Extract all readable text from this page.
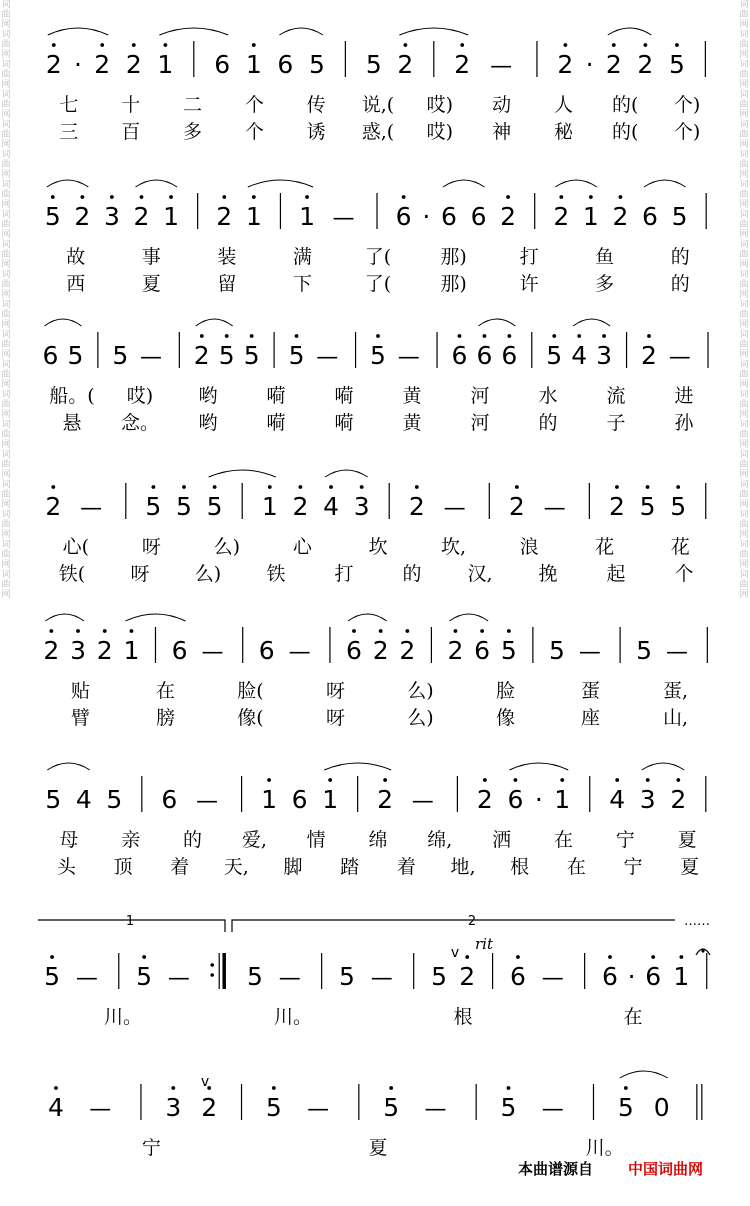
词曲网词曲网词曲网词曲网词曲网词曲网词曲网词曲网词曲网词曲网词曲网词曲网词曲网词曲网词曲网词曲网词曲网词曲网词曲网词曲网
词曲网词曲网词曲网词曲网词曲网词曲网词曲网词曲网词曲网词曲网词曲网词曲网词曲网词曲网词曲网词曲网词曲网词曲网词曲网词曲网
2 · 2 2 1 6 1 6 5 5 2 2 — 2 · 2 2 5
七 十 二 个 传 说,( 哎) 动 人 的( 个)
三 百 多 个 诱 惑,( 哎) 神 秘 的( 个)
5 2 3 2 1 2 1 1 — 6 · 6 6 2 2 1 2 6 5
故	事	装	满	了(	那)	打	鱼	的
西	夏	留	下	了(	那)	许	多	的
6 5 5 — 2 5 5 5 — 5 — 6 6 6 5 4 3 2 —
船。( 哎) 哟	嗬	嗬	黄	河	水	流	进
悬 念。 哟	嗬	嗬	黄	河	的	子	孙
2 — 5 5 5 1 2 4 3 2 — 2 — 2 5 5
心(	呀	么)	心	坎	坎,	浪	花	花
铁( 呀 么) 铁	打	的 汉, 挽	起	个
2 3 2 1 6 — 6 — 6 2 2 2 6 5 5 — 5 —
贴	在	脸(	呀	么)	脸	蛋	蛋,
臂	膀	像(	呀	么)	像	座	山,
5 4 5 6 — 1 6 1 2 — 2 6 · 1 4 3 2
母 亲 的 爱, 情 绵 绵, 洒 在 宁 夏
头 顶 着 天, 脚 踏 着 地, 根 在 宁 夏
5 — 5 — 5 — 5 — 5 2 6 — 6 · 6 1
川。	川。	根	在
1	2	……
rit
v
4 — 3 2 5 — 5 — 5 — 5 0
宁	夏	川。
v
本曲谱源自 中国词曲网
